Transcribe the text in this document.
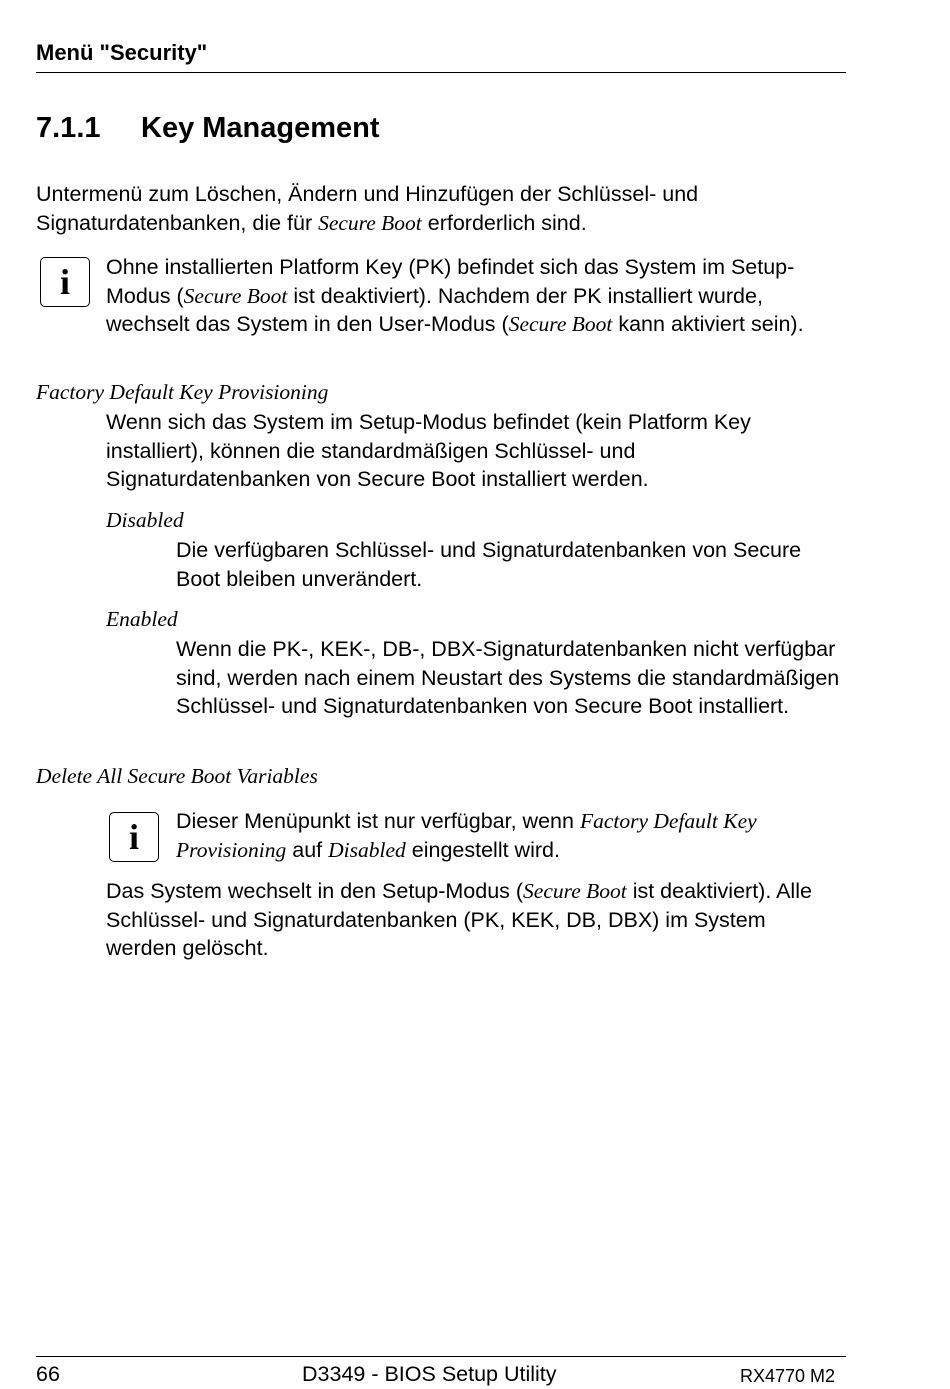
Menü "Security"
7.1.1 Key Management
Untermenü zum Löschen, Ändern und Hinzufügen der Schlüssel- und Signaturdatenbanken, die für Secure Boot erforderlich sind.
i Ohne installierten Platform Key (PK) befindet sich das System im Setup-Modus (Secure Boot ist deaktiviert). Nachdem der PK installiert wurde, wechselt das System in den User-Modus (Secure Boot kann aktiviert sein).
Factory Default Key Provisioning
Wenn sich das System im Setup-Modus befindet (kein Platform Key installiert), können die standardmäßigen Schlüssel- und Signaturdatenbanken von Secure Boot installiert werden.
Disabled
Die verfügbaren Schlüssel- und Signaturdatenbanken von Secure Boot bleiben unverändert.
Enabled
Wenn die PK-, KEK-, DB-, DBX-Signaturdatenbanken nicht verfügbar sind, werden nach einem Neustart des Systems die standardmäßigen Schlüssel- und Signaturdatenbanken von Secure Boot installiert.
Delete All Secure Boot Variables
i Dieser Menüpunkt ist nur verfügbar, wenn Factory Default Key Provisioning auf Disabled eingestellt wird.
Das System wechselt in den Setup-Modus (Secure Boot ist deaktiviert). Alle Schlüssel- und Signaturdatenbanken (PK, KEK, DB, DBX) im System werden gelöscht.
66	D3349 - BIOS Setup Utility	RX4770 M2
